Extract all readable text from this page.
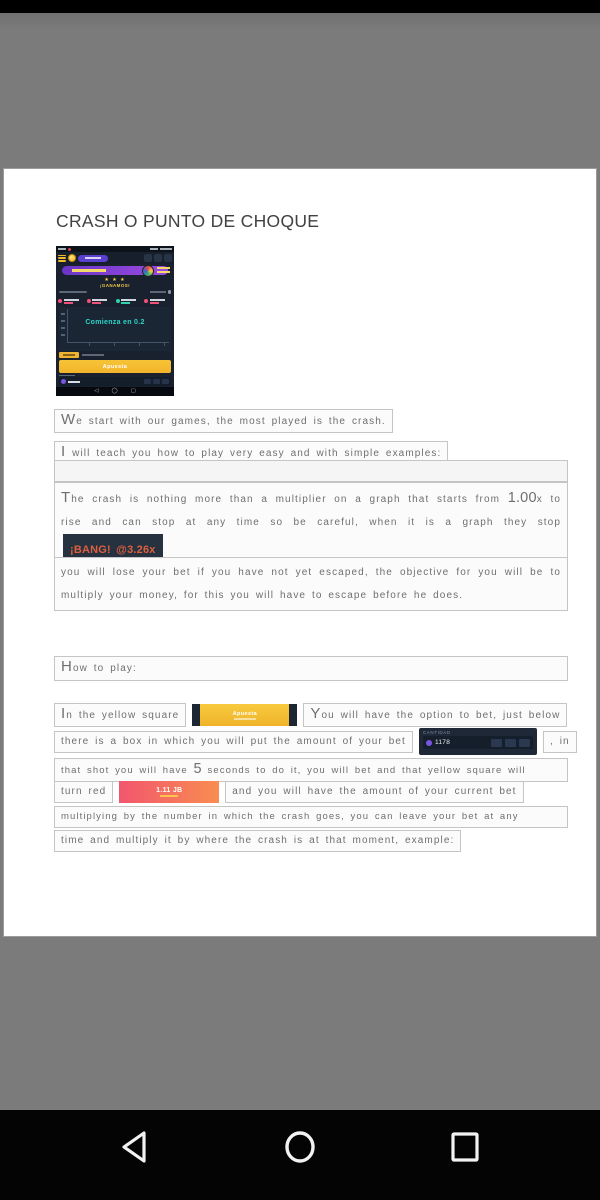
CRASH O PUNTO DE CHOQUE
★ ★ ★
¡GANAMOS!
Comienza en 0.2
Apuesta
◁ ◯ ▢
We start with our games, the most played is the crash.
I will teach you how to play very easy and with simple examples:
The crash is nothing more than a multiplier on a graph that starts from 1.00x to rise and can stop at any time so be careful, when it is a graph they stop ¡BANG! @3.26x
you will lose your bet if you have not yet escaped, the objective for you will be to multiply your money, for this you will have to escape before he does.
How to play:
In the yellow square	Apuesta	You will have the option to bet, just below
there is a box in which you will put the amount of your bet
CANTIDAD
1178	, in
that shot you will have 5 seconds to do it, you will bet and that yellow square will
turn red	1.11 JB	and you will have the amount of your current bet
multiplying by the number in which the crash goes, you can leave your bet at any
time and multiply it by where the crash is at that moment, example:
